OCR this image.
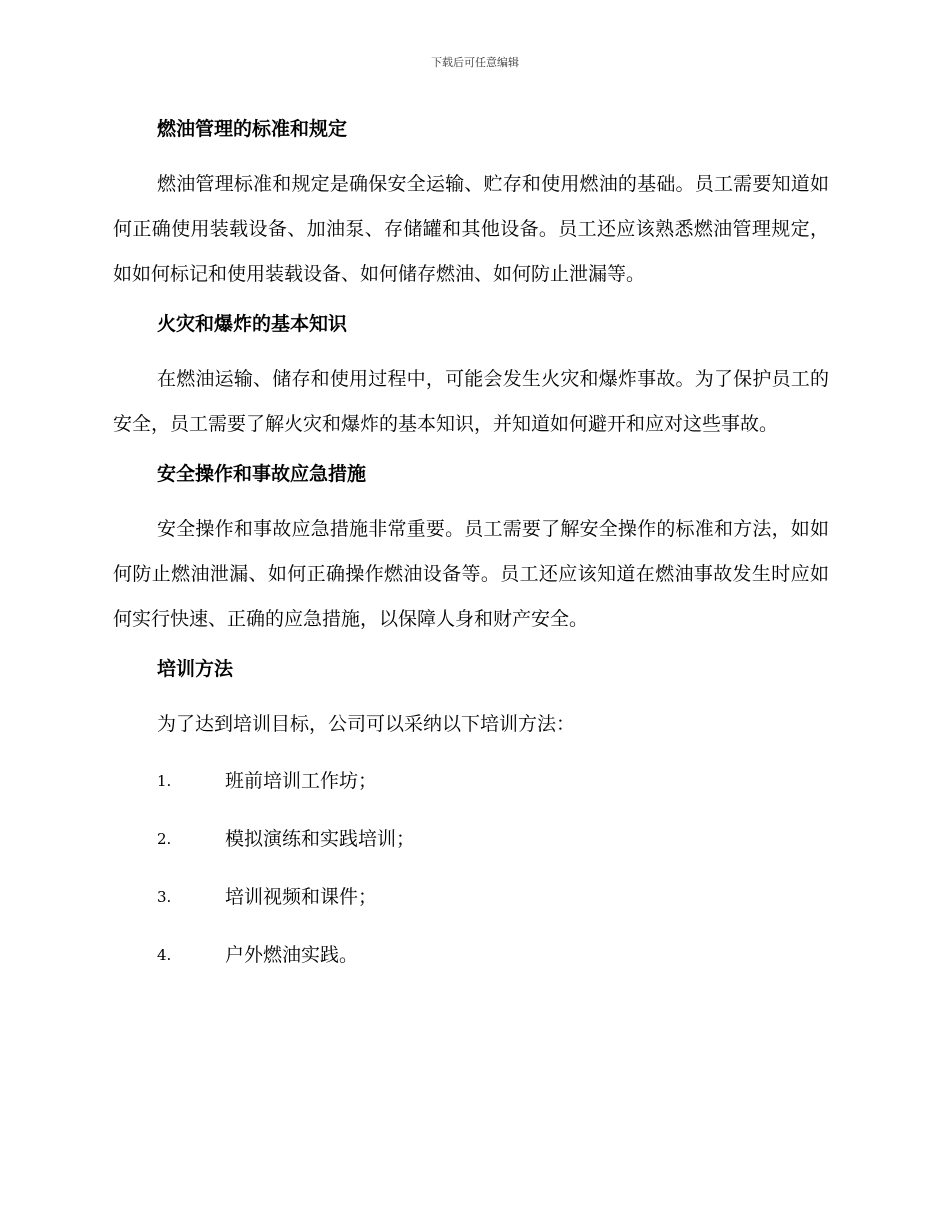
下载后可任意编辑
燃油管理的标准和规定

燃油管理标准和规定是确保安全运输、贮存和使用燃油的基础。员工需要知道如何正确使用装载设备、加油泵、存储罐和其他设备。员工还应该熟悉燃油管理规定，如如何标记和使用装载设备、如何储存燃油、如何防止泄漏等。

火灾和爆炸的基本知识

在燃油运输、储存和使用过程中，可能会发生火灾和爆炸事故。为了保护员工的安全，员工需要了解火灾和爆炸的基本知识，并知道如何避开和应对这些事故。

安全操作和事故应急措施

安全操作和事故应急措施非常重要。员工需要了解安全操作的标准和方法，如如何防止燃油泄漏、如何正确操作燃油设备等。员工还应该知道在燃油事故发生时应如何实行快速、正确的应急措施，以保障人身和财产安全。

培训方法

为了达到培训目标，公司可以采纳以下培训方法：

1.	班前培训工作坊；
2.	模拟演练和实践培训；
3.	培训视频和课件；
4.	户外燃油实践。
